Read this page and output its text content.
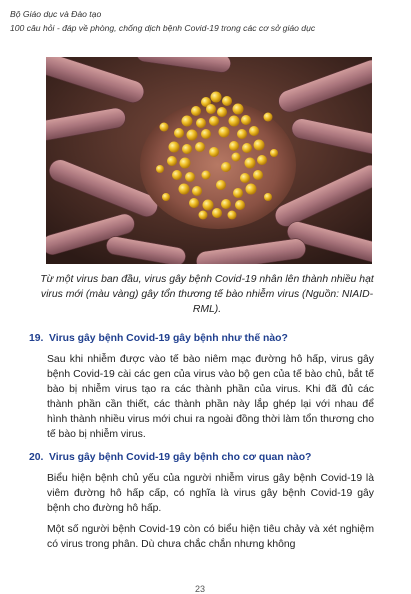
Bộ Giáo dục và Đào tạo
100 câu hỏi - đáp về phòng, chống dịch bệnh Covid-19 trong các cơ sở giáo dục
Từ một virus ban đầu, virus gây bệnh Covid-19 nhân lên thành nhiều hạt virus mới (màu vàng) gây tổn thương tế bào nhiễm virus (Nguồn: NIAID-RML).
19. Virus gây bệnh Covid-19 gây bệnh như thế nào?
Sau khi nhiễm được vào tế bào niêm mạc đường hô hấp, virus gây bệnh Covid-19 cài các gen của virus vào bộ gen của tế bào chủ, bắt tế bào bị nhiễm virus tạo ra các thành phần của virus. Khi đã đủ các thành phần cần thiết, các thành phần này lắp ghép lại với nhau để hình thành nhiều virus mới chui ra ngoài đồng thời làm tổn thương cho tế bào bị nhiễm virus.
20. Virus gây bệnh Covid-19 gây bệnh cho cơ quan nào?
Biểu hiện bệnh chủ yếu của người nhiễm virus gây bệnh Covid-19 là viêm đường hô hấp cấp, có nghĩa là virus gây bệnh Covid-19 gây bệnh cho đường hô hấp.
Một số người bệnh Covid-19 còn có biểu hiện tiêu chảy và xét nghiệm có virus trong phân. Dù chưa chắc chắn nhưng không
23
